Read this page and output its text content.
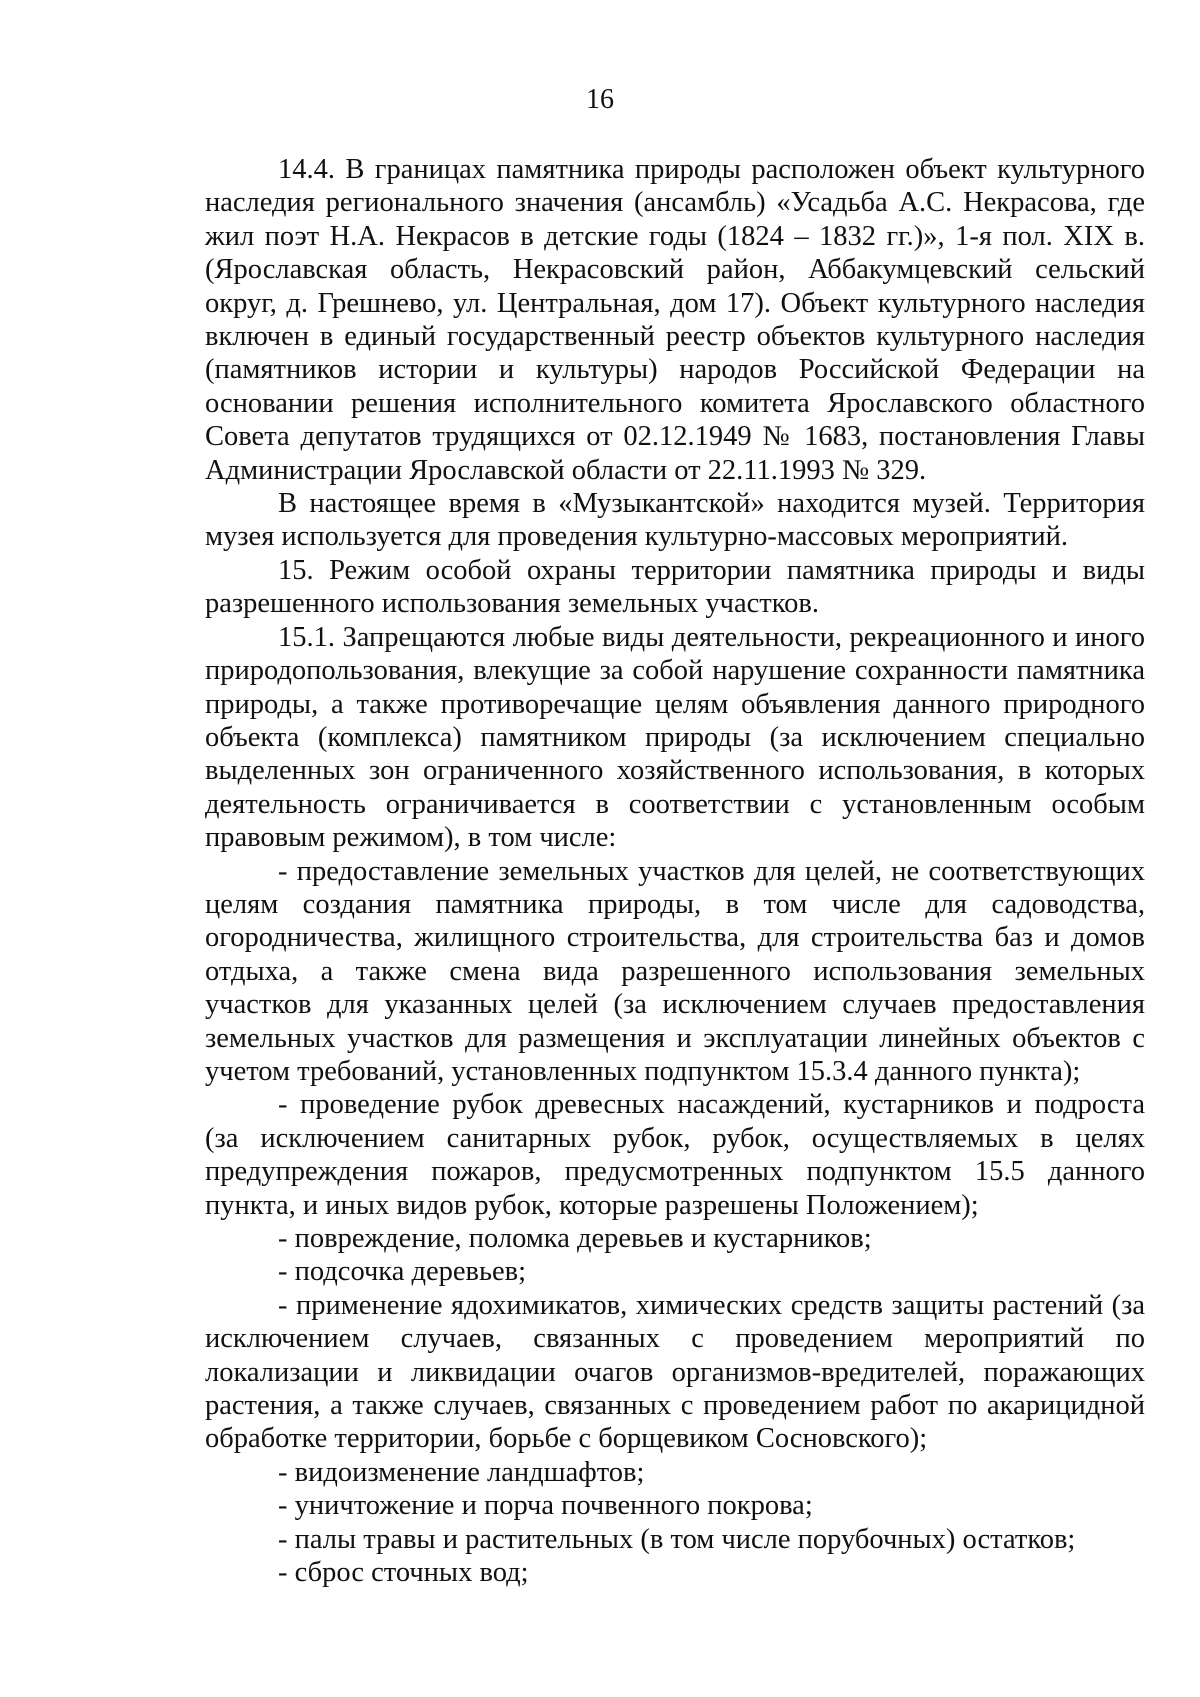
16

14.4. В границах памятника природы расположен объект культурного наследия регионального значения (ансамбль) «Усадьба А.С. Некрасова, где жил поэт Н.А. Некрасов в детские годы (1824 – 1832 гг.)», 1-я пол. XIX в. (Ярославская область, Некрасовский район, Аббакумцевский сельский округ, д. Грешнево, ул. Центральная, дом 17). Объект культурного наследия включен в единый государственный реестр объектов культурного наследия (памятников истории и культуры) народов Российской Федерации на основании решения исполнительного комитета Ярославского областного Совета депутатов трудящихся от 02.12.1949 № 1683, постановления Главы Администрации Ярославской области от 22.11.1993 № 329.

В настоящее время в «Музыкантской» находится музей. Территория музея используется для проведения культурно-массовых мероприятий.

15. Режим особой охраны территории памятника природы и виды разрешенного использования земельных участков.

15.1. Запрещаются любые виды деятельности, рекреационного и иного природопользования, влекущие за собой нарушение сохранности памятника природы, а также противоречащие целям объявления данного природного объекта (комплекса) памятником природы (за исключением специально выделенных зон ограниченного хозяйственного использования, в которых деятельность ограничивается в соответствии с установленным особым правовым режимом), в том числе:

- предоставление земельных участков для целей, не соответствующих целям создания памятника природы, в том числе для садоводства, огородничества, жилищного строительства, для строительства баз и домов отдыха, а также смена вида разрешенного использования земельных участков для указанных целей (за исключением случаев предоставления земельных участков для размещения и эксплуатации линейных объектов с учетом требований, установленных подпунктом 15.3.4 данного пункта);

- проведение рубок древесных насаждений, кустарников и подроста (за исключением санитарных рубок, рубок, осуществляемых в целях предупреждения пожаров, предусмотренных подпунктом 15.5 данного пункта, и иных видов рубок, которые разрешены Положением);

- повреждение, поломка деревьев и кустарников;

- подсочка деревьев;

- применение ядохимикатов, химических средств защиты растений (за исключением случаев, связанных с проведением мероприятий по локализации и ликвидации очагов организмов-вредителей, поражающих растения, а также случаев, связанных с проведением работ по акарицидной обработке территории, борьбе с борщевиком Сосновского);

- видоизменение ландшафтов;

- уничтожение и порча почвенного покрова;

- палы травы и растительных (в том числе порубочных) остатков;

- сброс сточных вод;
